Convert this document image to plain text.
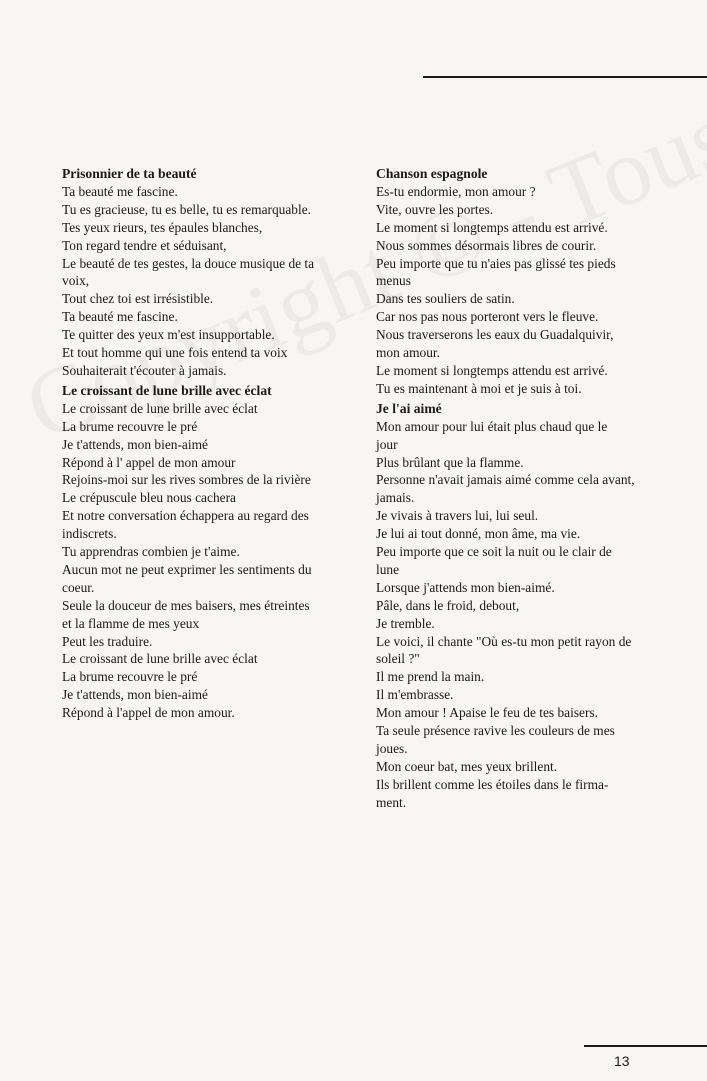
Prisonnier de ta beauté

Ta beauté me fascine.

Tu es gracieuse, tu es belle, tu es remarquable.

Tes yeux rieurs, tes épaules blanches,

Ton regard tendre et séduisant,

Le beauté de tes gestes, la douce musique de ta

voix,

Tout chez toi est irrésistible.

Ta beauté me fascine.

Te quitter des yeux m'est insupportable.

Et tout homme qui une fois entend ta voix

Souhaiterait t'écouter à jamais.

Le croissant de lune brille avec éclat

Le croissant de lune brille avec éclat

La brume recouvre le pré

Je t'attends, mon bien-aimé

Répond à l' appel de mon amour

Rejoins-moi sur les rives sombres de la rivière

Le crépuscule bleu nous cachera

Et notre conversation échappera au regard des

indiscrets.

Tu apprendras combien je t'aime.

Aucun mot ne peut exprimer les sentiments du

coeur.

Seule la douceur de mes baisers, mes étreintes

et la flamme de mes yeux

Peut les traduire.

Le croissant de lune brille avec éclat

La brume recouvre le pré

Je t'attends, mon bien-aimé

Répond à l'appel de mon amour.

Chanson espagnole

Es-tu endormie, mon amour ?

Vite, ouvre les portes.

Le moment si longtemps attendu est arrivé.

Nous sommes désormais libres de courir.

Peu importe que tu n'aies pas glissé tes pieds

menus

Dans tes souliers de satin.

Car nos pas nous porteront vers le fleuve.

Nous traverserons les eaux du Guadalquivir,

mon amour.

Le moment si longtemps attendu est arrivé.

Tu es maintenant à moi et je suis à toi.

Je l'ai aimé

Mon amour pour lui était plus chaud que le

jour

Plus brûlant que la flamme.

Personne n'avait jamais aimé comme cela avant,

jamais.

Je vivais à travers lui, lui seul.

Je lui ai tout donné, mon âme, ma vie.

Peu importe que ce soit la nuit ou le clair de

lune

Lorsque j'attends mon bien-aimé.

Pâle, dans le froid, debout,

Je tremble.

Le voici, il chante "Où es-tu mon petit rayon de

soleil ?"

Il me prend la main.

Il m'embrasse.

Mon amour ! Apaise le feu de tes baisers.

Ta seule présence ravive les couleurs de mes

joues.

Mon coeur bat, mes yeux brillent.

Ils brillent comme les étoiles dans le firma-

ment.

13
